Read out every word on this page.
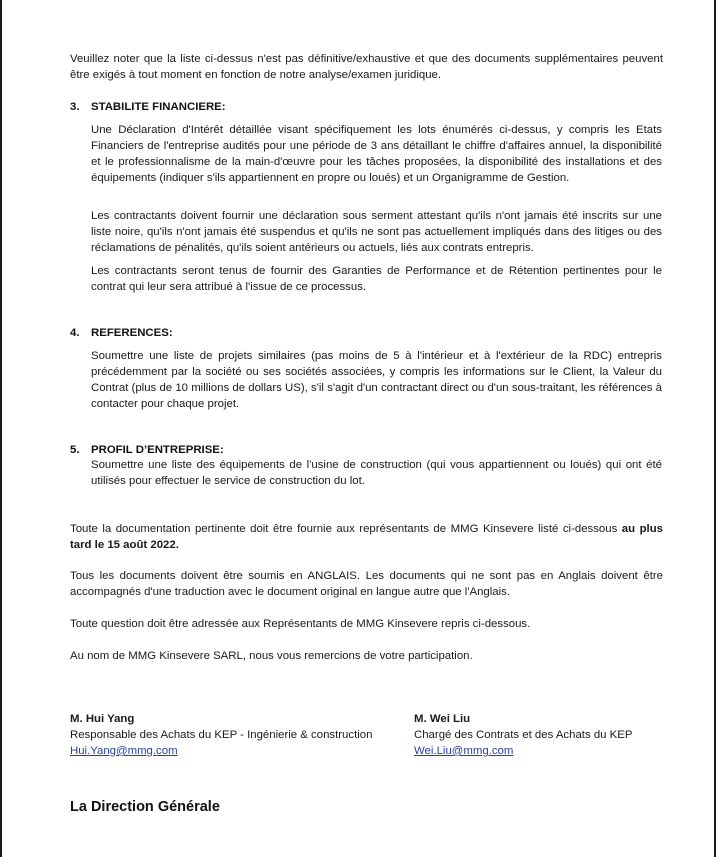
Veuillez noter que la liste ci-dessus n'est pas définitive/exhaustive et que des documents supplémentaires peuvent être exigés à tout moment en fonction de notre analyse/examen juridique.

3. STABILITE FINANCIERE:

Une Déclaration d'Intérêt détaillée visant spécifiquement les lots énumérés ci-dessus, y compris les Etats Financiers de l'entreprise audités pour une période de 3 ans détaillant le chiffre d'affaires annuel, la disponibilité et le professionnalisme de la main-d'œuvre pour les tâches proposées, la disponibilité des installations et des équipements (indiquer s'ils appartiennent en propre ou loués) et un Organigramme de Gestion.

Les contractants doivent fournir une déclaration sous serment attestant qu'ils n'ont jamais été inscrits sur une liste noire, qu'ils n'ont jamais été suspendus et qu'ils ne sont pas actuellement impliqués dans des litiges ou des réclamations de pénalités, qu'ils soient antérieurs ou actuels, liés aux contrats entrepris.

Les contractants seront tenus de fournir des Garanties de Performance et de Rétention pertinentes pour le contrat qui leur sera attribué à l'issue de ce processus.

4. REFERENCES:

Soumettre une liste de projets similaires (pas moins de 5 à l'intérieur et à l'extérieur de la RDC) entrepris précédemment par la société ou ses sociétés associées, y compris les informations sur le Client, la Valeur du Contrat (plus de 10 millions de dollars US), s'il s'agit d'un contractant direct ou d'un sous-traitant, les références à contacter pour chaque projet.

5. PROFIL D’ENTREPRISE:

Soumettre une liste des équipements de l'usine de construction (qui vous appartiennent ou loués) qui ont été utilisés pour effectuer le service de construction du lot.

Toute la documentation pertinente doit être fournie aux représentants de MMG Kinsevere listé ci-dessous au plus tard le 15 août 2022.

Tous les documents doivent être soumis en ANGLAIS. Les documents qui ne sont pas en Anglais doivent être accompagnés d'une traduction avec le document original en langue autre que l'Anglais.

Toute question doit être adressée aux Représentants de MMG Kinsevere repris ci-dessous.

Au nom de MMG Kinsevere SARL, nous vous remercions de votre participation.

M. Hui Yang
Responsable des Achats du KEP - Ingénierie & construction
Hui.Yang@mmg.com
M. Wei Liu
Chargé des Contrats et des Achats du KEP
Wei.Liu@mmg.com
La Direction Générale
